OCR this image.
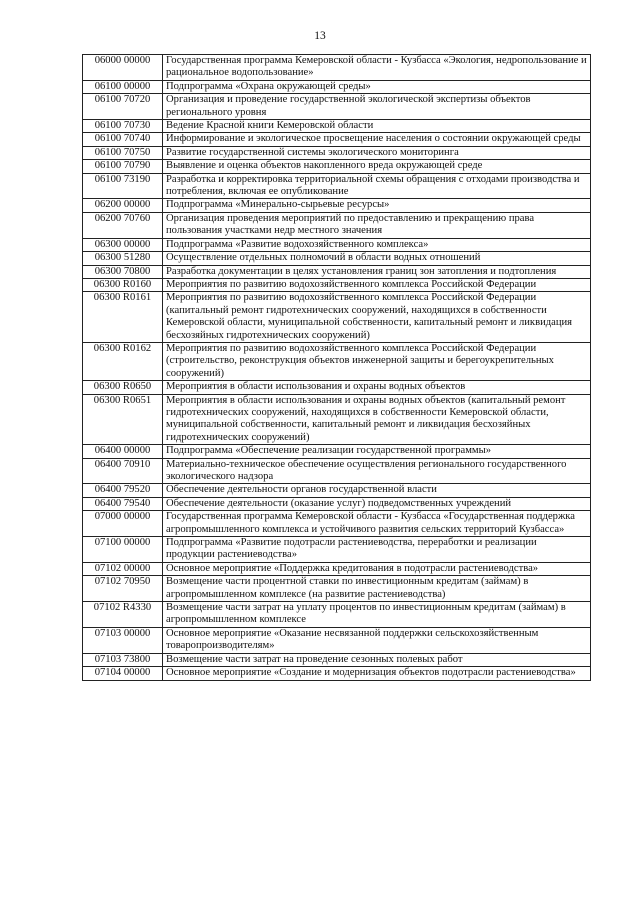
13
06000 00000	Государственная программа Кемеровской области - Кузбасса «Экология, недропользование и рациональное водопользование»
06100 00000	Подпрограмма «Охрана окружающей среды»
06100 70720	Организация и проведение государственной экологической экспертизы объектов регионального уровня
06100 70730	Ведение Красной книги Кемеровской области
06100 70740	Информирование и экологическое просвещение населения о состоянии окружающей среды
06100 70750	Развитие государственной системы экологического мониторинга
06100 70790	Выявление и оценка объектов накопленного вреда окружающей среде
06100 73190	Разработка и корректировка территориальной схемы обращения с отходами производства и потребления, включая ее опубликование
06200 00000	Подпрограмма «Минерально-сырьевые ресурсы»
06200 70760	Организация проведения мероприятий по предоставлению и прекращению права пользования участками недр местного значения
06300 00000	Подпрограмма «Развитие водохозяйственного комплекса»
06300 51280	Осуществление отдельных полномочий в области водных отношений
06300 70800	Разработка документации в целях установления границ зон затопления и подтопления
06300 R0160	Мероприятия по развитию водохозяйственного комплекса Российской Федерации
06300 R0161	Мероприятия по развитию водохозяйственного комплекса Российской Федерации (капитальный ремонт гидротехнических сооружений, находящихся в собственности Кемеровской области, муниципальной собственности, капитальный ремонт и ликвидация бесхозяйных гидротехнических сооружений)
06300 R0162	Мероприятия по развитию водохозяйственного комплекса Российской Федерации (строительство, реконструкция объектов инженерной защиты и берегоукрепительных сооружений)
06300 R0650	Мероприятия в области использования и охраны водных объектов
06300 R0651	Мероприятия в области использования и охраны водных объектов (капитальный ремонт гидротехнических сооружений, находящихся в собственности Кемеровской области, муниципальной собственности, капитальный ремонт и ликвидация бесхозяйных гидротехнических сооружений)
06400 00000	Подпрограмма «Обеспечение реализации государственной программы»
06400 70910	Материально-техническое обеспечение осуществления регионального государственного экологического надзора
06400 79520	Обеспечение деятельности органов государственной власти
06400 79540	Обеспечение деятельности (оказание услуг) подведомственных учреждений
07000 00000	Государственная программа Кемеровской области - Кузбасса «Государственная поддержка агропромышленного комплекса и устойчивого развития сельских территорий Кузбасса»
07100 00000	Подпрограмма «Развитие подотрасли растениеводства, переработки и реализации продукции растениеводства»
07102 00000	Основное мероприятие «Поддержка кредитования в подотрасли растениеводства»
07102 70950	Возмещение части процентной ставки по инвестиционным кредитам (займам) в агропромышленном комплексе (на развитие растениеводства)
07102 R4330	Возмещение части затрат на уплату процентов по инвестиционным кредитам (займам) в агропромышленном комплексе
07103 00000	Основное мероприятие «Оказание несвязанной поддержки сельскохозяйственным товаропроизводителям»
07103 73800	Возмещение части затрат на проведение сезонных полевых работ
07104 00000	Основное мероприятие «Создание и модернизация объектов подотрасли растениеводства»
